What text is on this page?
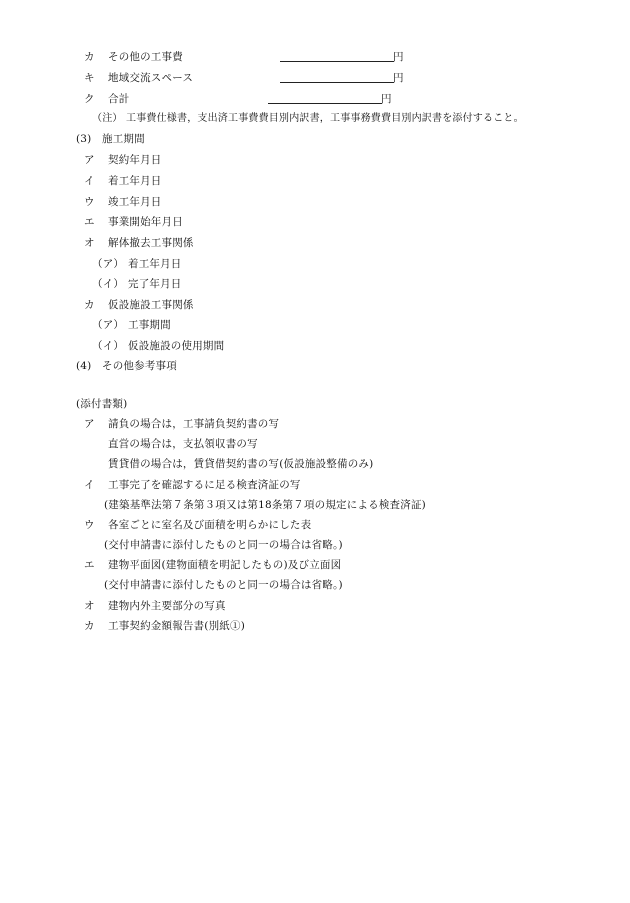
カ その他の工事費	円
キ 地域交流スペース	円
ク 合計	円
（注） 工事費仕様書，支出済工事費費目別内訳書，工事事務費費目別内訳書を添付すること。
(3) 施工期間
ア 契約年月日
イ 着工年月日
ウ 竣工年月日
エ 事業開始年月日
オ 解体撤去工事関係
（ア） 着工年月日
（イ） 完了年月日
カ 仮設施設工事関係
（ア） 工事期間
（イ） 仮設施設の使用期間
(4) その他参考事項
(添付書類)
ア 請負の場合は，工事請負契約書の写
直営の場合は，支払領収書の写
賃貸借の場合は，賃貸借契約書の写(仮設施設整備のみ)
イ 工事完了を確認するに足る検査済証の写
(建築基準法第７条第３項又は第18条第７項の規定による検査済証)
ウ 各室ごとに室名及び面積を明らかにした表
(交付申請書に添付したものと同一の場合は省略。)
エ 建物平面図(建物面積を明記したもの)及び立面図
(交付申請書に添付したものと同一の場合は省略。)
オ 建物内外主要部分の写真
カ 工事契約金額報告書(別紙①)
